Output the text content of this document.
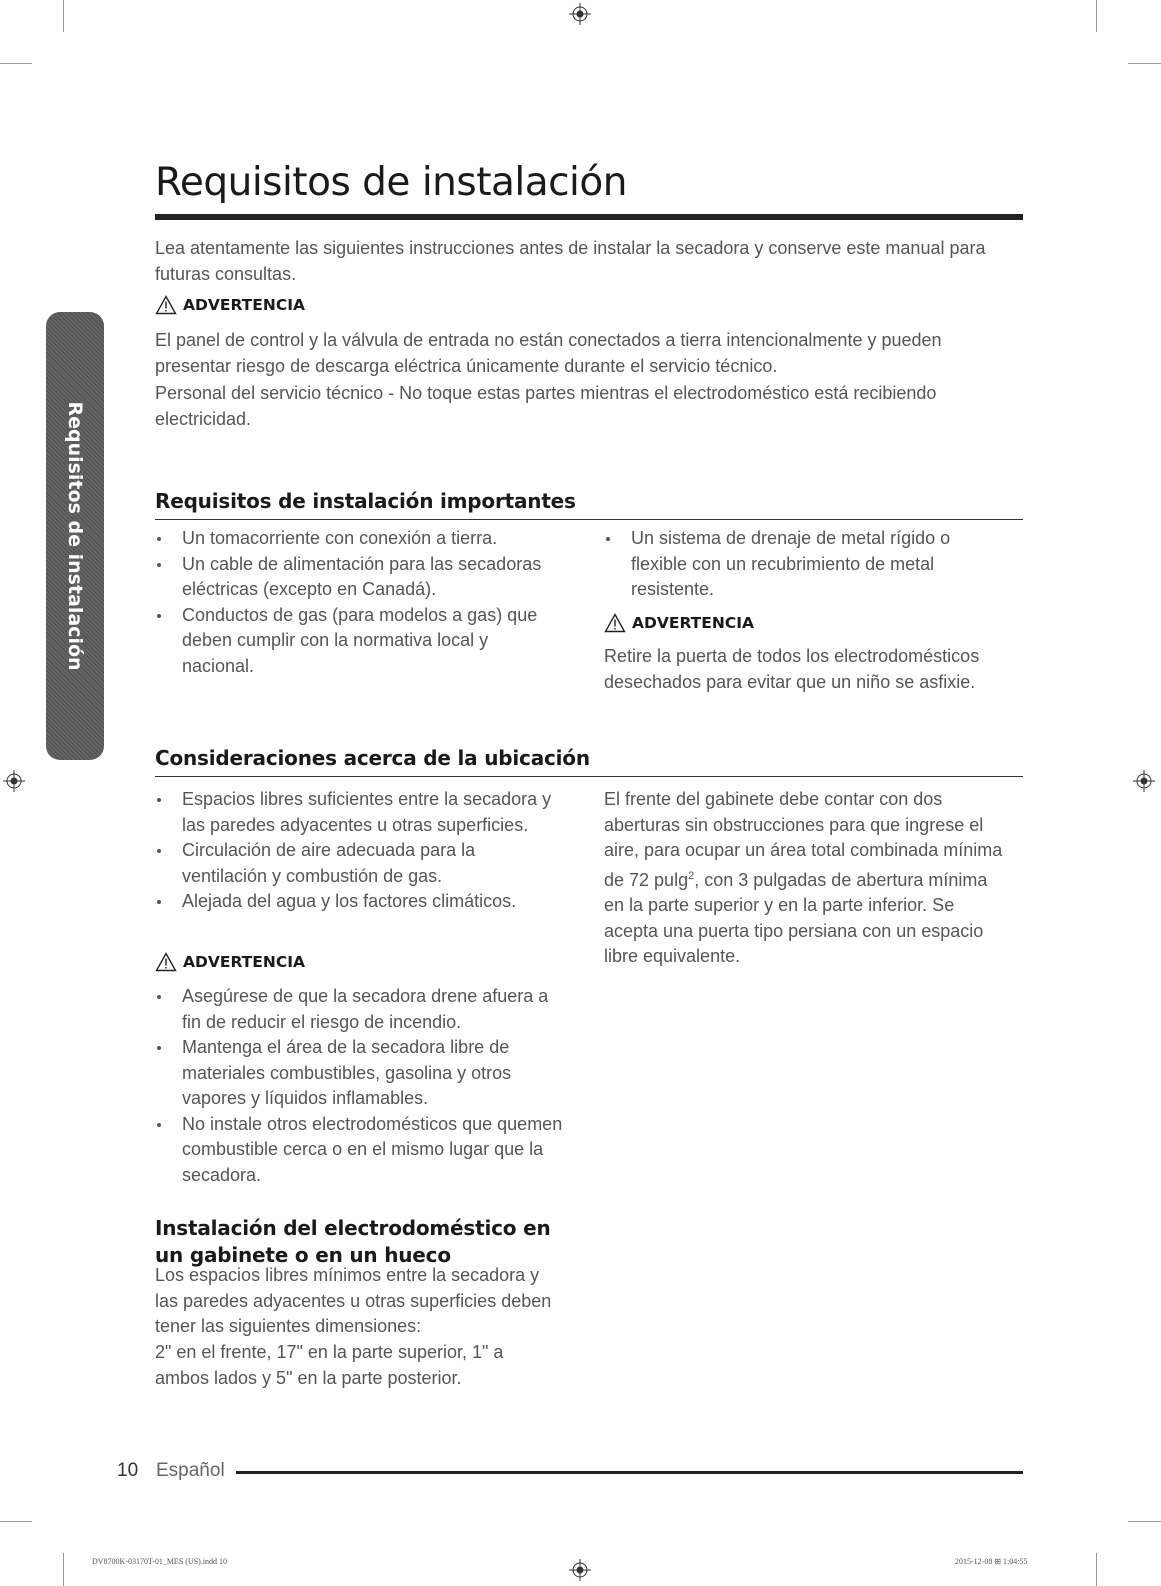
Requisitos de instalación
Requisitos de instalación

Lea atentamente las siguientes instrucciones antes de instalar la secadora y conserve este manual para futuras consultas.

ADVERTENCIA

El panel de control y la válvula de entrada no están conectados a tierra intencionalmente y pueden presentar riesgo de descarga eléctrica únicamente durante el servicio técnico.

Personal del servicio técnico - No toque estas partes mientras el electrodoméstico está recibiendo electricidad.

Requisitos de instalación importantes
Un tomacorriente con conexión a tierra.
Un cable de alimentación para las secadoras eléctricas (excepto en Canadá).
Conductos de gas (para modelos a gas) que deben cumplir con la normativa local y nacional.
Un sistema de drenaje de metal rígido o flexible con un recubrimiento de metal resistente.
ADVERTENCIA

Retire la puerta de todos los electrodomésticos desechados para evitar que un niño se asfixie.

Consideraciones acerca de la ubicación
Espacios libres suficientes entre la secadora y las paredes adyacentes u otras superficies.
Circulación de aire adecuada para la ventilación y combustión de gas.
Alejada del agua y los factores climáticos.
ADVERTENCIA
Asegúrese de que la secadora drene afuera a fin de reducir el riesgo de incendio.
Mantenga el área de la secadora libre de materiales combustibles, gasolina y otros vapores y líquidos inflamables.
No instale otros electrodomésticos que quemen combustible cerca o en el mismo lugar que la secadora.

El frente del gabinete debe contar con dos aberturas sin obstrucciones para que ingrese el aire, para ocupar un área total combinada mínima de 72 pulg$^2$, con 3 pulgadas de abertura mínima en la parte superior y en la parte inferior. Se acepta una puerta tipo persiana con un espacio libre equivalente.

Instalación del electrodoméstico en un gabinete o en un hueco

Los espacios libres mínimos entre la secadora y las paredes adyacentes u otras superficies deben tener las siguientes dimensiones:

2" en el frente, 17" en la parte superior, 1" a ambos lados y 5" en la parte posterior.

10 Español
DV8700K-03170T-01_MES (US).indd 10	2015-12-08 ⊞ 1:04:55
